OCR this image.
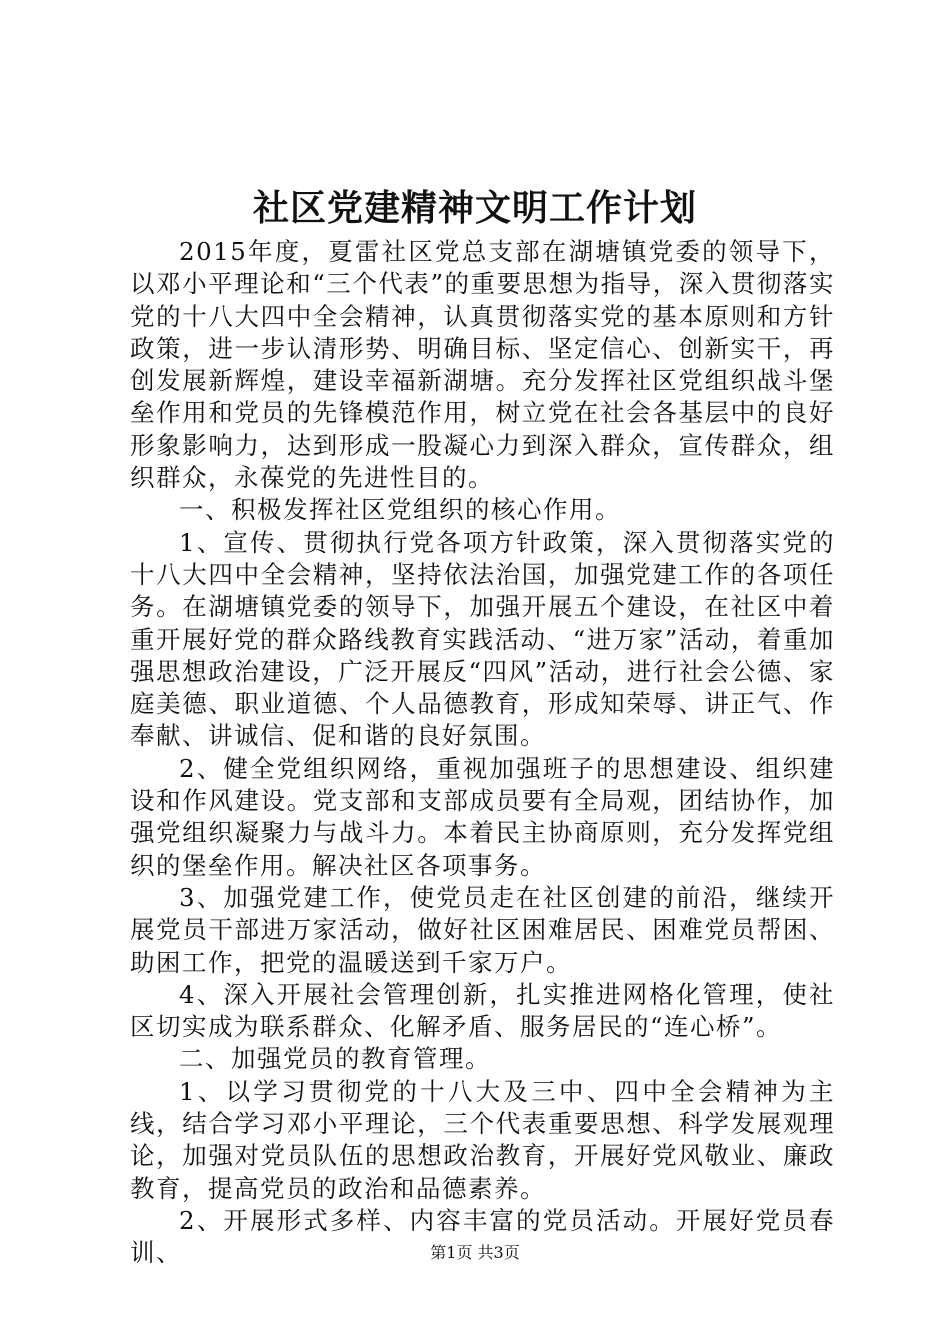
社区党建精神文明工作计划

2015年度，夏雷社区党总支部在湖塘镇党委的领导下，以邓小平理论和“三个代表”的重要思想为指导，深入贯彻落实党的十八大四中全会精神，认真贯彻落实党的基本原则和方针政策，进一步认清形势、明确目标、坚定信心、创新实干，再创发展新辉煌，建设幸福新湖塘。充分发挥社区党组织战斗堡垒作用和党员的先锋模范作用，树立党在社会各基层中的良好形象影响力，达到形成一股凝心力到深入群众，宣传群众，组织群众，永葆党的先进性目的。

一、积极发挥社区党组织的核心作用。

1、宣传、贯彻执行党各项方针政策，深入贯彻落实党的十八大四中全会精神，坚持依法治国，加强党建工作的各项任务。在湖塘镇党委的领导下，加强开展五个建设，在社区中着重开展好党的群众路线教育实践活动、“进万家”活动，着重加强思想政治建设，广泛开展反“四风”活动，进行社会公德、家庭美德、职业道德、个人品德教育，形成知荣辱、讲正气、作奉献、讲诚信、促和谐的良好氛围。

2、健全党组织网络，重视加强班子的思想建设、组织建设和作风建设。党支部和支部成员要有全局观，团结协作，加强党组织凝聚力与战斗力。本着民主协商原则，充分发挥党组织的堡垒作用。解决社区各项事务。

3、加强党建工作，使党员走在社区创建的前沿，继续开展党员干部进万家活动，做好社区困难居民、困难党员帮困、助困工作，把党的温暖送到千家万户。

4、深入开展社会管理创新，扎实推进网格化管理，使社区切实成为联系群众、化解矛盾、服务居民的“连心桥”。

二、加强党员的教育管理。

1、以学习贯彻党的十八大及三中、四中全会精神为主线，结合学习邓小平理论，三个代表重要思想、科学发展观理论，加强对党员队伍的思想政治教育，开展好党风敬业、廉政教育，提高党员的政治和品德素养。

2、开展形式多样、内容丰富的党员活动。开展好党员春训、	第1页 共3页
